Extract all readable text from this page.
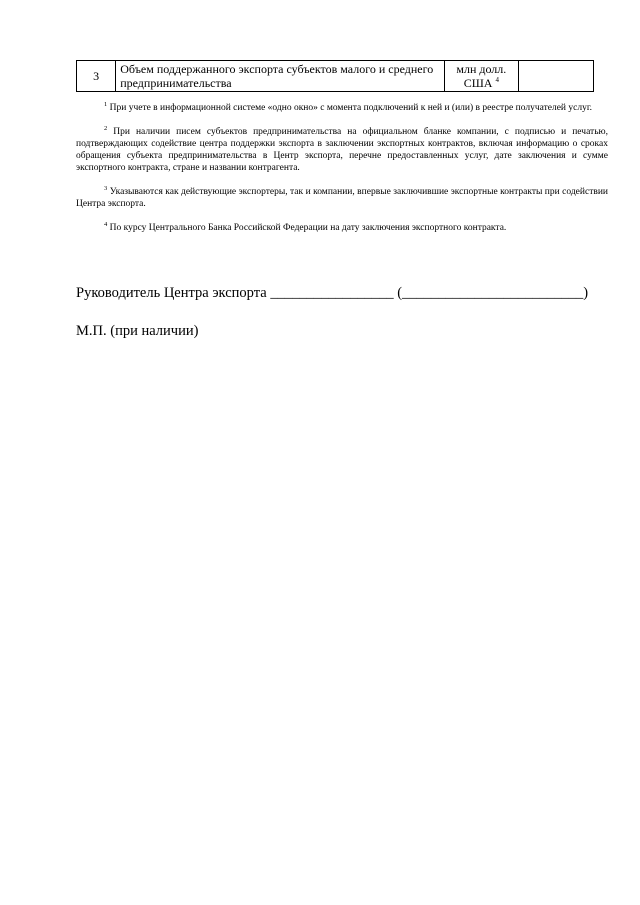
3	Объем поддержанного экспорта субъектов малого и среднего предпринимательства	млн долл. США $^4$	

$^1$ При учете в информационной системе «одно окно» с момента подключений к ней и (или) в реестре получателей услуг.

$^2$ При наличии писем субъектов предпринимательства на официальном бланке компании, с подписью и печатью, подтверждающих содействие центра поддержки экспорта в заключении экспортных контрактов, включая информацию о сроках обращения субъекта предпринимательства в Центр экспорта, перечне предоставленных услуг, дате заключения и сумме экспортного контракта, стране и названии контрагента.

$^3$ Указываются как действующие экспортеры, так и компании, впервые заключившие экспортные контракты при содействии Центра экспорта.

$^4$ По курсу Центрального Банка Российской Федерации на дату заключения экспортного контракта.

Руководитель Центра экспорта _________________ (_________________________)
М.П. (при наличии)
